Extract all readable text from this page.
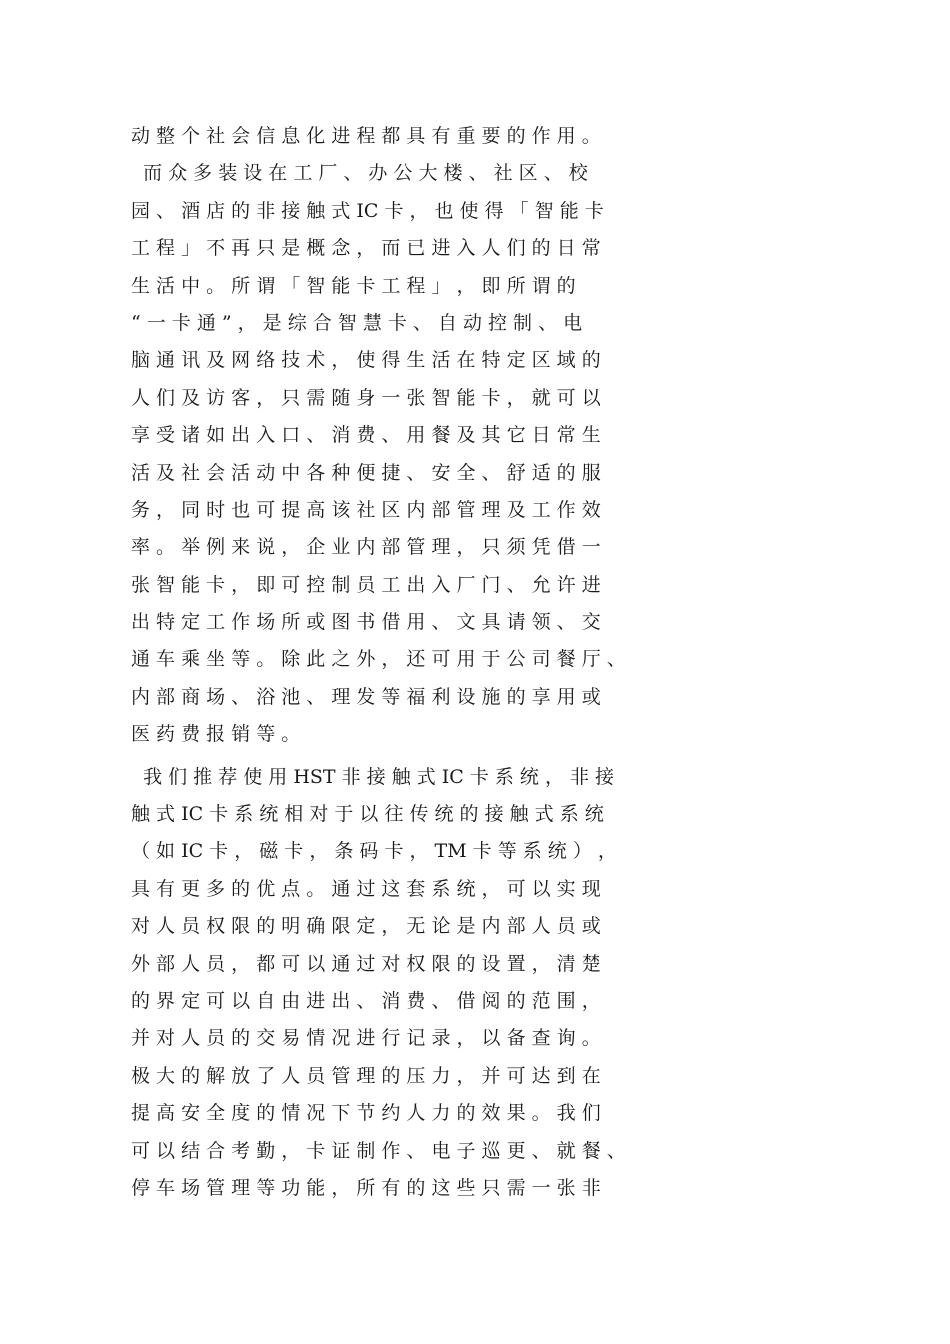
动 整 个 社 会 信 息 化 进 程 都 具 有 重 要 的 作 用 。
而 众 多 装 设 在 工 厂 、 办 公 大 楼 、 社 区 、 校
园 、 酒 店 的 非 接 触 式 IC 卡 ， 也 使 得 「 智 能 卡
工 程 」 不 再 只 是 概 念 ， 而 已 进 入 人 们 的 日 常
生 活 中 。 所 谓 「 智 能 卡 工 程 」 ， 即 所 谓 的
“ 一 卡 通 ” ， 是 综 合 智 慧 卡 、 自 动 控 制 、 电
脑 通 讯 及 网 络 技 术 ， 使 得 生 活 在 特 定 区 域 的
人 们 及 访 客 ， 只 需 随 身 一 张 智 能 卡 ， 就 可 以
享 受 诸 如 出 入 口 、 消 费 、 用 餐 及 其 它 日 常 生
活 及 社 会 活 动 中 各 种 便 捷 、 安 全 、 舒 适 的 服
务 ， 同 时 也 可 提 高 该 社 区 内 部 管 理 及 工 作 效
率 。 举 例 来 说 ， 企 业 内 部 管 理 ， 只 须 凭 借 一
张 智 能 卡 ， 即 可 控 制 员 工 出 入 厂 门 、 允 许 进
出 特 定 工 作 场 所 或 图 书 借 用 、 文 具 请 领 、 交
通 车 乘 坐 等 。 除 此 之 外 ， 还 可 用 于 公 司 餐 厅 、
内 部 商 场 、 浴 池 、 理 发 等 福 利 设 施 的 享 用 或
医 药 费 报 销 等 。
我 们 推 荐 使 用 HST 非 接 触 式 IC 卡 系 统 ， 非 接
触 式 IC 卡 系 统 相 对 于 以 往 传 统 的 接 触 式 系 统
（ 如 IC 卡 ， 磁 卡 ， 条 码 卡 ， TM 卡 等 系 统 ） ，
具 有 更 多 的 优 点 。 通 过 这 套 系 统 ， 可 以 实 现
对 人 员 权 限 的 明 确 限 定 ， 无 论 是 内 部 人 员 或
外 部 人 员 ， 都 可 以 通 过 对 权 限 的 设 置 ， 清 楚
的 界 定 可 以 自 由 进 出 、 消 费 、 借 阅 的 范 围 ，
并 对 人 员 的 交 易 情 况 进 行 记 录 ， 以 备 查 询 。
极 大 的 解 放 了 人 员 管 理 的 压 力 ， 并 可 达 到 在
提 高 安 全 度 的 情 况 下 节 约 人 力 的 效 果 。 我 们
可 以 结 合 考 勤 ， 卡 证 制 作 、 电 子 巡 更 、 就 餐 、
停 车 场 管 理 等 功 能 ， 所 有 的 这 些 只 需 一 张 非
